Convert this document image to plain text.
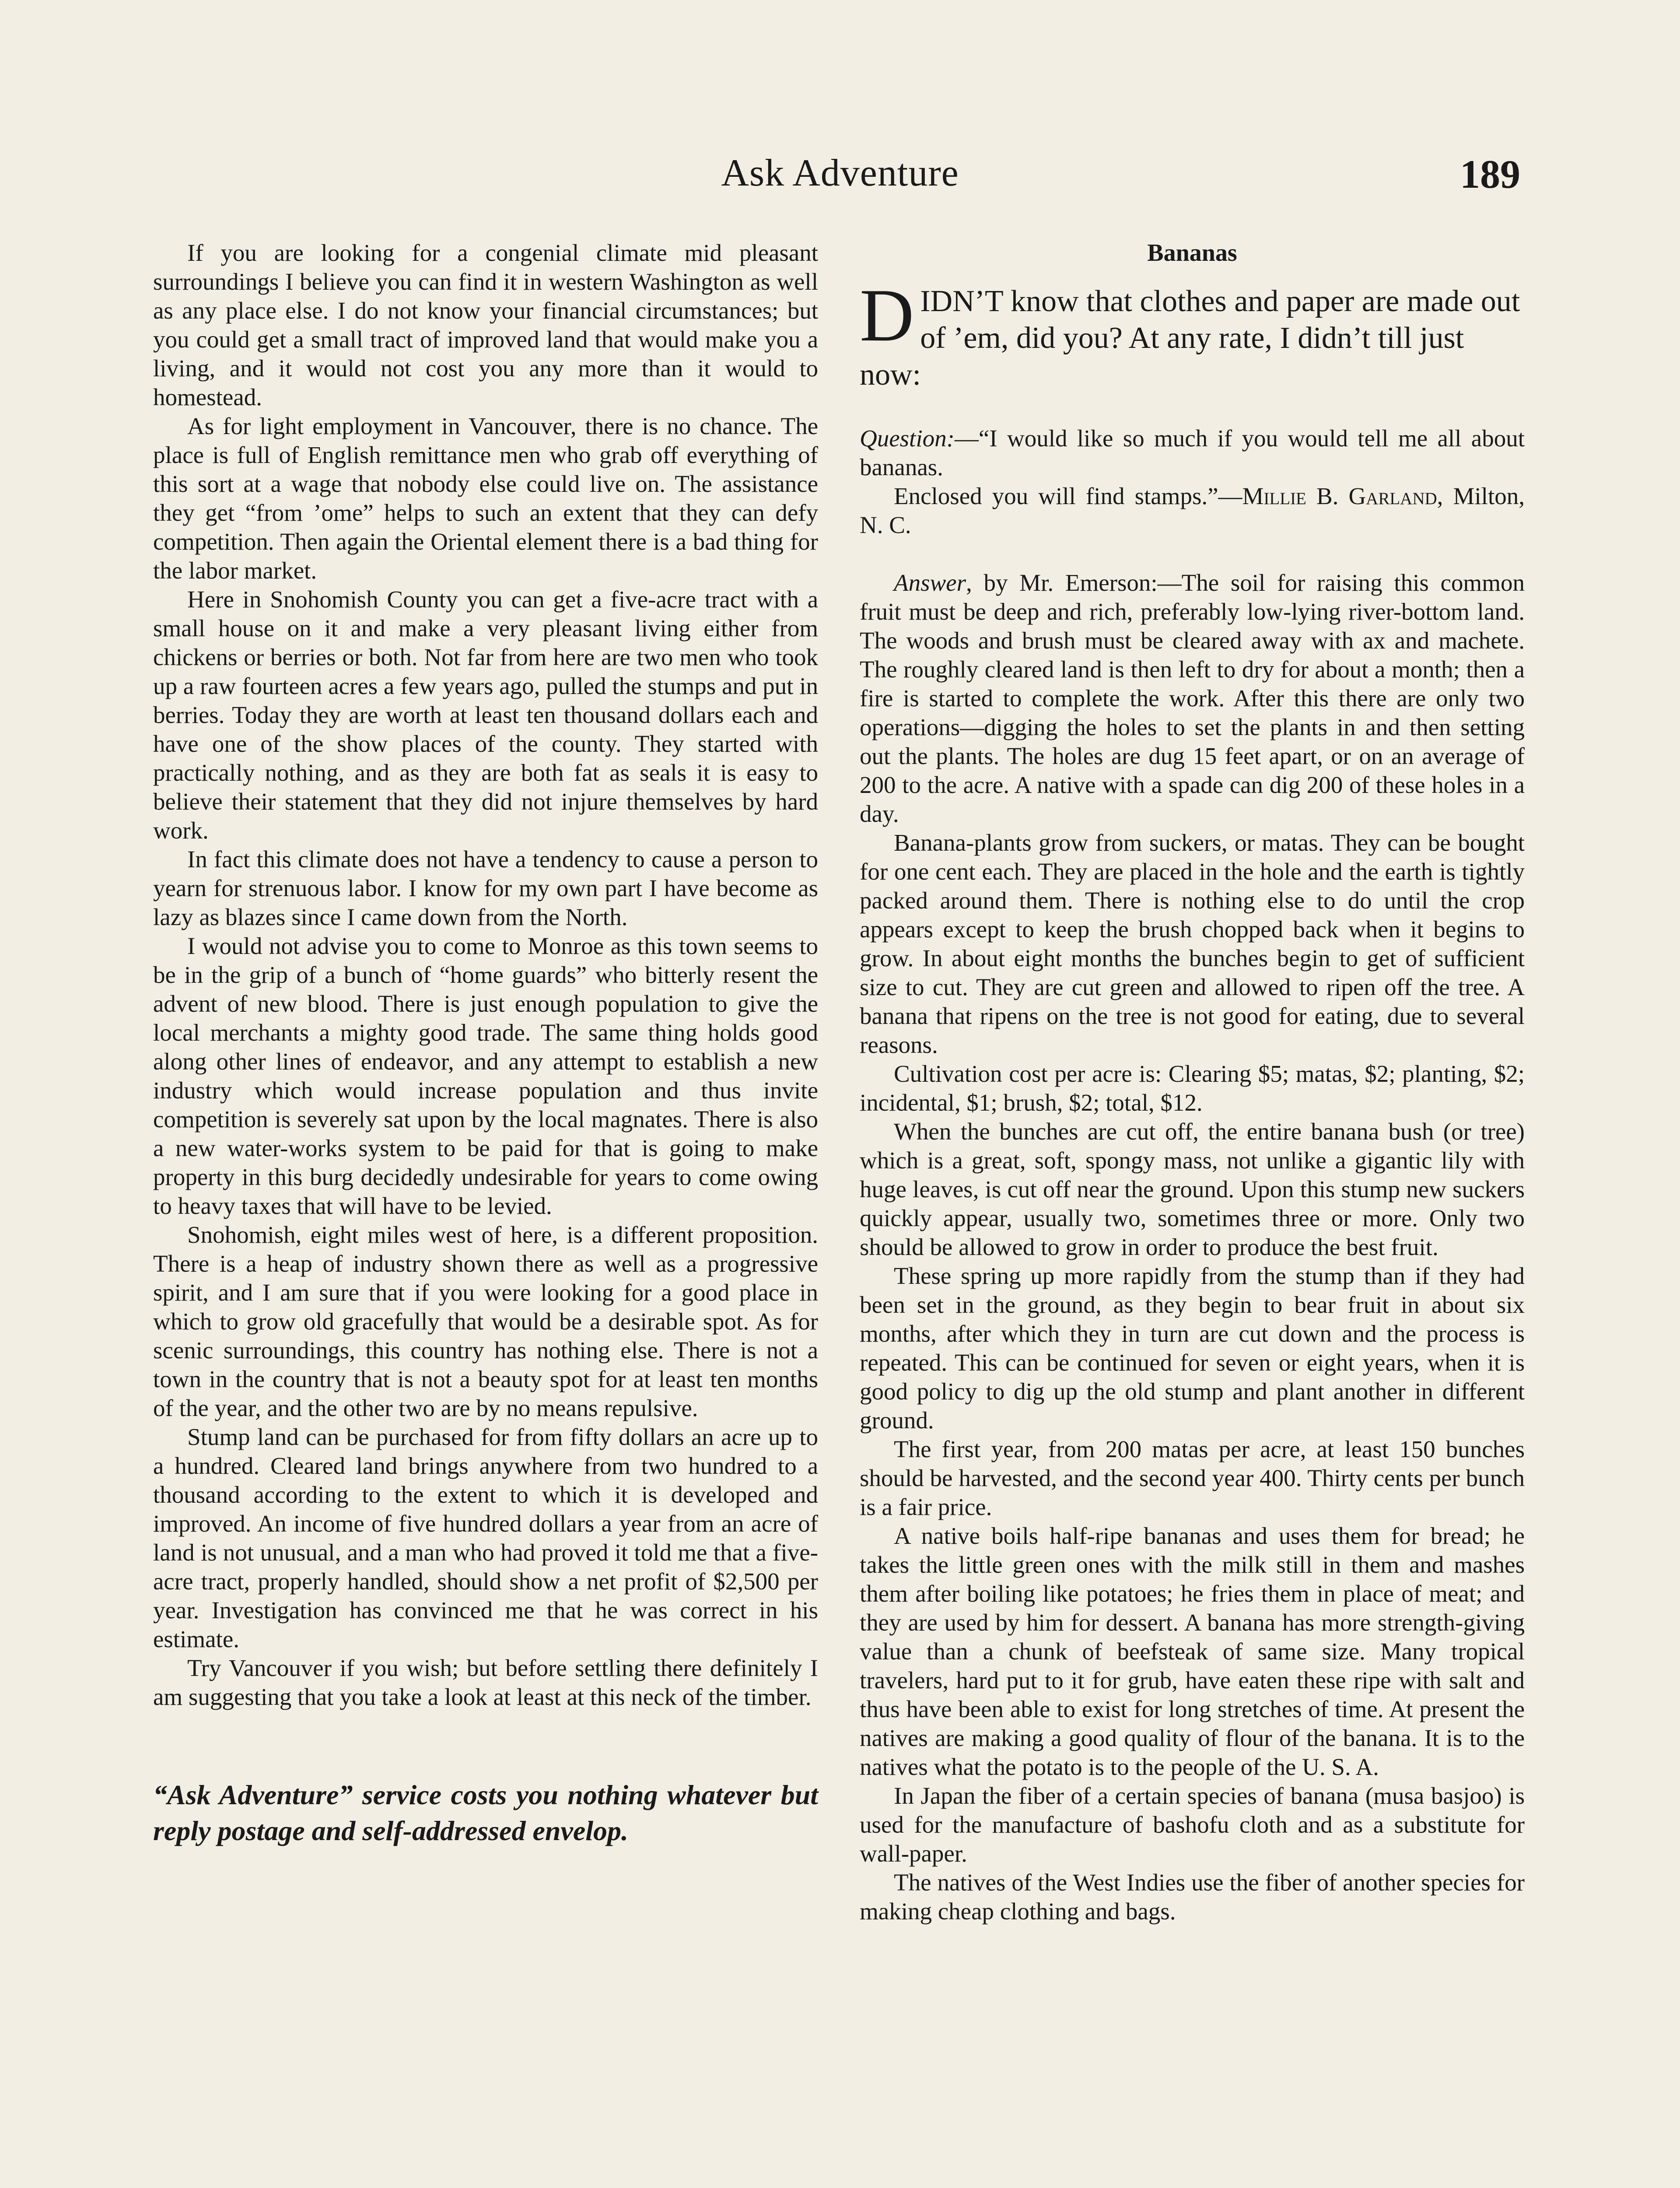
Ask Adventure	189

If you are looking for a congenial climate mid pleasant surroundings I believe you can find it in western Washington as well as any place else. I do not know your financial circumstances; but you could get a small tract of improved land that would make you a living, and it would not cost you any more than it would to homestead.

As for light employment in Vancouver, there is no chance. The place is full of English remittance men who grab off everything of this sort at a wage that nobody else could live on. The assistance they get “from ’ome” helps to such an extent that they can defy competition. Then again the Oriental element there is a bad thing for the labor market.

Here in Snohomish County you can get a five-acre tract with a small house on it and make a very pleasant living either from chickens or berries or both. Not far from here are two men who took up a raw fourteen acres a few years ago, pulled the stumps and put in berries. Today they are worth at least ten thousand dollars each and have one of the show places of the county. They started with practically nothing, and as they are both fat as seals it is easy to believe their statement that they did not injure themselves by hard work.

In fact this climate does not have a tendency to cause a person to yearn for strenuous labor. I know for my own part I have become as lazy as blazes since I came down from the North.

I would not advise you to come to Monroe as this town seems to be in the grip of a bunch of “home guards” who bitterly resent the advent of new blood. There is just enough population to give the local merchants a mighty good trade. The same thing holds good along other lines of endeavor, and any attempt to establish a new industry which would increase population and thus invite competition is severely sat upon by the local magnates. There is also a new water-works system to be paid for that is going to make property in this burg decidedly undesirable for years to come owing to heavy taxes that will have to be levied.

Snohomish, eight miles west of here, is a different proposition. There is a heap of industry shown there as well as a progressive spirit, and I am sure that if you were looking for a good place in which to grow old gracefully that would be a desirable spot. As for scenic surroundings, this country has nothing else. There is not a town in the country that is not a beauty spot for at least ten months of the year, and the other two are by no means repulsive.

Stump land can be purchased for from fifty dollars an acre up to a hundred. Cleared land brings anywhere from two hundred to a thousand according to the extent to which it is developed and improved. An income of five hundred dollars a year from an acre of land is not unusual, and a man who had proved it told me that a five-acre tract, properly handled, should show a net profit of $2,500 per year. Investigation has convinced me that he was correct in his estimate.

Try Vancouver if you wish; but before settling there definitely I am suggesting that you take a look at least at this neck of the timber.

“Ask Adventure” service costs you nothing whatever but reply postage and self-addressed envelop.
Bananas
DIDN’T know that clothes and paper are made out of ’em, did you? At any rate, I didn’t till just now:

Question:—“I would like so much if you would tell me all about bananas.

Enclosed you will find stamps.”—Millie B. Garland, Milton, N. C.

Answer, by Mr. Emerson:—The soil for raising this common fruit must be deep and rich, preferably low-lying river-bottom land. The woods and brush must be cleared away with ax and machete. The roughly cleared land is then left to dry for about a month; then a fire is started to complete the work. After this there are only two operations—digging the holes to set the plants in and then setting out the plants. The holes are dug 15 feet apart, or on an average of 200 to the acre. A native with a spade can dig 200 of these holes in a day.

Banana-plants grow from suckers, or matas. They can be bought for one cent each. They are placed in the hole and the earth is tightly packed around them. There is nothing else to do until the crop appears except to keep the brush chopped back when it begins to grow. In about eight months the bunches begin to get of sufficient size to cut. They are cut green and allowed to ripen off the tree. A banana that ripens on the tree is not good for eating, due to several reasons.

Cultivation cost per acre is: Clearing $5; matas, $2; planting, $2; incidental, $1; brush, $2; total, $12.

When the bunches are cut off, the entire banana bush (or tree) which is a great, soft, spongy mass, not unlike a gigantic lily with huge leaves, is cut off near the ground. Upon this stump new suckers quickly appear, usually two, sometimes three or more. Only two should be allowed to grow in order to produce the best fruit.

These spring up more rapidly from the stump than if they had been set in the ground, as they begin to bear fruit in about six months, after which they in turn are cut down and the process is repeated. This can be continued for seven or eight years, when it is good policy to dig up the old stump and plant another in different ground.

The first year, from 200 matas per acre, at least 150 bunches should be harvested, and the second year 400. Thirty cents per bunch is a fair price.

A native boils half-ripe bananas and uses them for bread; he takes the little green ones with the milk still in them and mashes them after boiling like potatoes; he fries them in place of meat; and they are used by him for dessert. A banana has more strength-giving value than a chunk of beefsteak of same size. Many tropical travelers, hard put to it for grub, have eaten these ripe with salt and thus have been able to exist for long stretches of time. At present the natives are making a good quality of flour of the banana. It is to the natives what the potato is to the people of the U. S. A.

In Japan the fiber of a certain species of banana (musa basjoo) is used for the manufacture of bashofu cloth and as a substitute for wall-paper.

The natives of the West Indies use the fiber of another species for making cheap clothing and bags.
